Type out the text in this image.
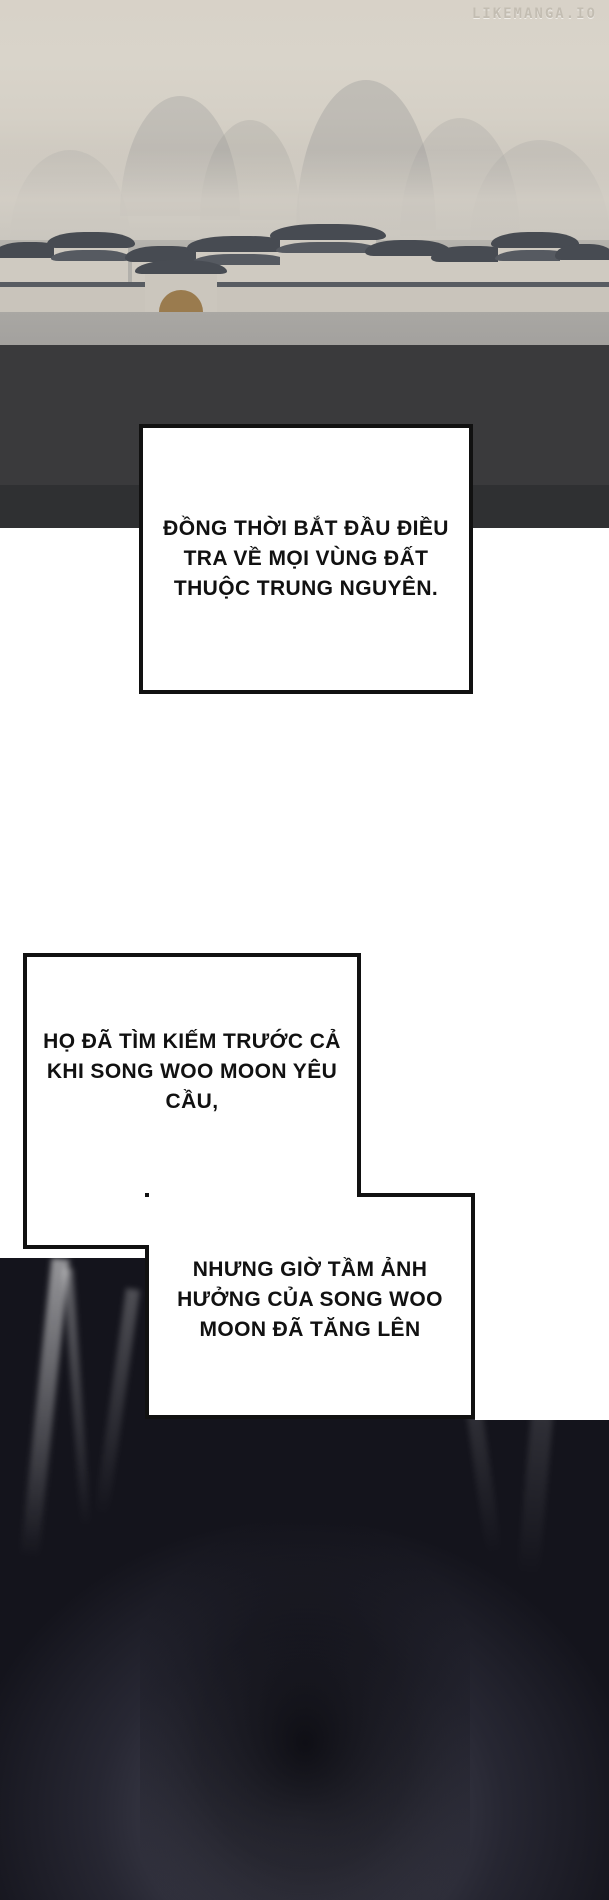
LIKEMANGA.IO

ĐỒNG THỜI BẮT ĐẦU ĐIỀU TRA VỀ MỌI VÙNG ĐẤT THUỘC TRUNG NGUYÊN.

HỌ ĐÃ TÌM KIẾM TRƯỚC CẢ KHI SONG WOO MOON YÊU CẦU,

NHƯNG GIỜ TẦM ẢNH HƯỞNG CỦA SONG WOO MOON ĐÃ TĂNG LÊN
